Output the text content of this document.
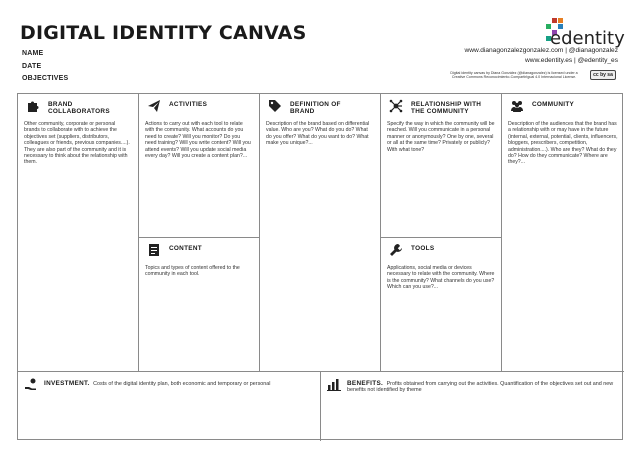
DIGITAL IDENTITY CANVAS
NAME
DATE
OBJECTIVES
edentity
www.dianagonzalezgonzalez.com | @dianagonzalez
www.edentity.es | @edentity_es
Digital identity canvas by Diana González (@dianagonzalez) is licensed under a Creative Commons Reconocimiento-CompartirIgual 4.0 Internacional License.	cc by sa
BRAND COLLABORATORS
Other community, corporate or personal brands to collaborate with to achieve the objectives set (suppliers, distributors, colleagues or friends, previous companies....). They are also part of the community and it is necessary to think about the relationship with them.
ACTIVITIES
Actions to carry out with each tool to relate with the community. What accounts do you need to create? Will you monitor? Do you need training? Will you write content? Will you attend events? Will you update social media every day? Will you create a content plan?...
CONTENT
Topics and types of content offered to the community in each tool.
DEFINITION OF BRAND
Description of the brand based on differential value. Who are you? What do you do? What do you offer? What do you want to do? What make you unique?...
RELATIONSHIP WITH THE COMMUNITY
Specify the way in which the community will be reached. Will you communicate in a personal manner or anonymously? One by one, several or all at the same time? Privately or publicly? With what tone?
TOOLS
Applications, social media or devices necessary to relate with the community. Where is the community? What channels do you use? Which can you use?...
COMMUNITY
Description of the audiences that the brand has a relationship with or may have in the future (internal, external, potential, clients, influencers, bloggers, prescribers, competition, administration....). Who are they? What do they do? How do they communicate? Where are they?...
INVESTMENT. Costs of the digital identity plan, both economic and temporary or personal	BENEFITS. Profits obtained from carrying out the activities. Quantification of the objectives set out and new benefits not identified by theme
